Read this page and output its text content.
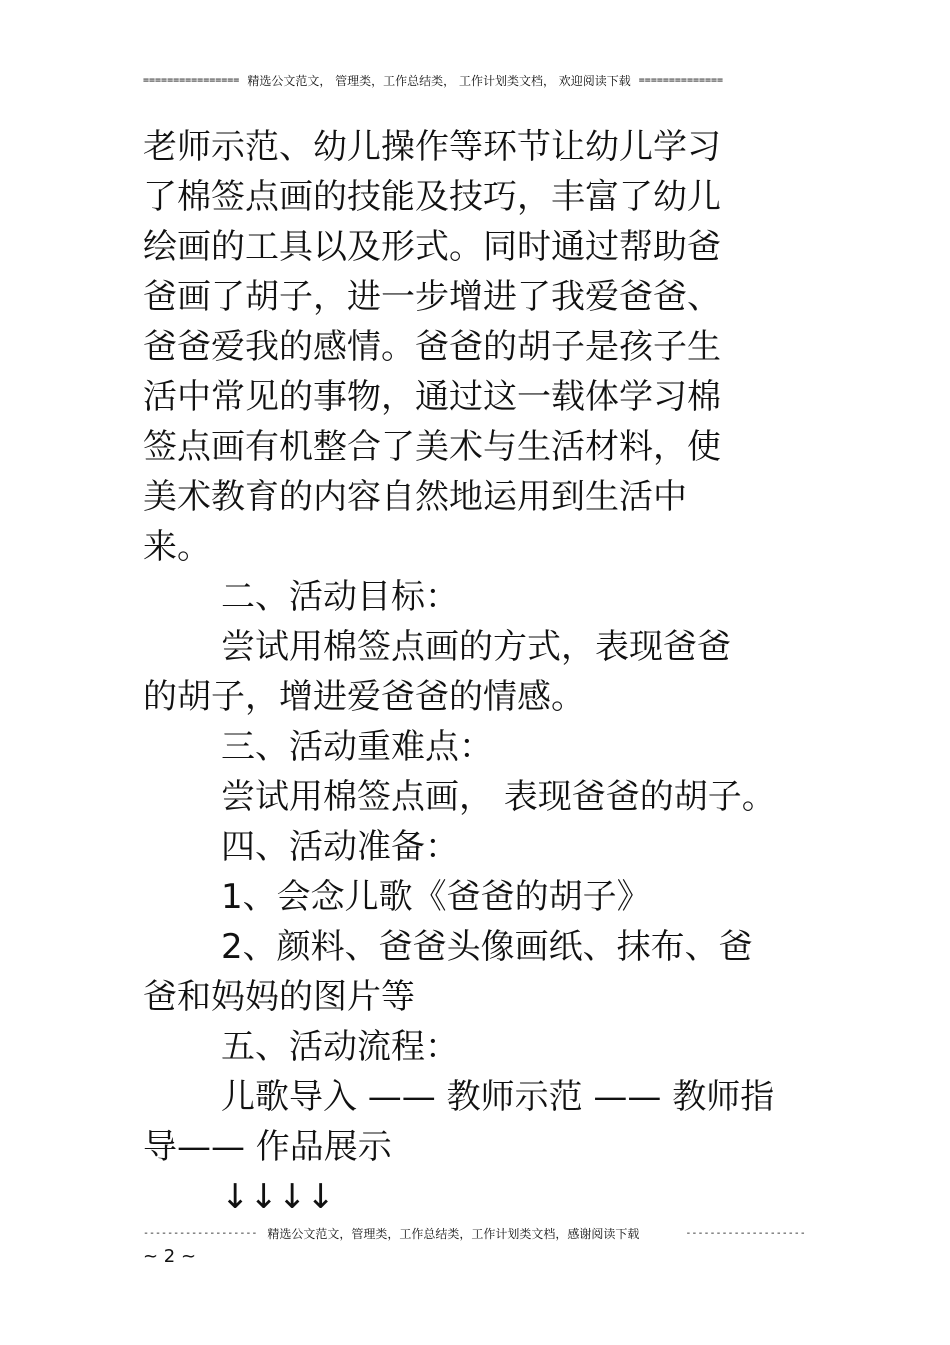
================ 精选公文范文， 管理类，工作总结类， 工作计划类文档， 欢迎阅读下载 ==============
老师示范、幼儿操作等环节让幼儿学习
了棉签点画的技能及技巧，丰富了幼儿
绘画的工具以及形式。同时通过帮助爸
爸画了胡子，进一步增进了我爱爸爸、
爸爸爱我的感情。爸爸的胡子是孩子生
活中常见的事物，通过这一载体学习棉
签点画有机整合了美术与生活材料，使
美术教育的内容自然地运用到生活中
来。
二、活动目标：
尝试用棉签点画的方式，表现爸爸
的胡子，增进爱爸爸的情感。
三、活动重难点：
尝试用棉签点画， 表现爸爸的胡子。
四、活动准备：
1、会念儿歌《爸爸的胡子》
2、颜料、爸爸头像画纸、抹布、爸
爸和妈妈的图片等
五、活动流程：
儿歌导入 —— 教师示范 —— 教师指
导—— 作品展示
↓↓↓↓
------------------- 精选公文范文，管理类，工作总结类，工作计划类文档，感谢阅读下载	--------------------
~ 2 ~
